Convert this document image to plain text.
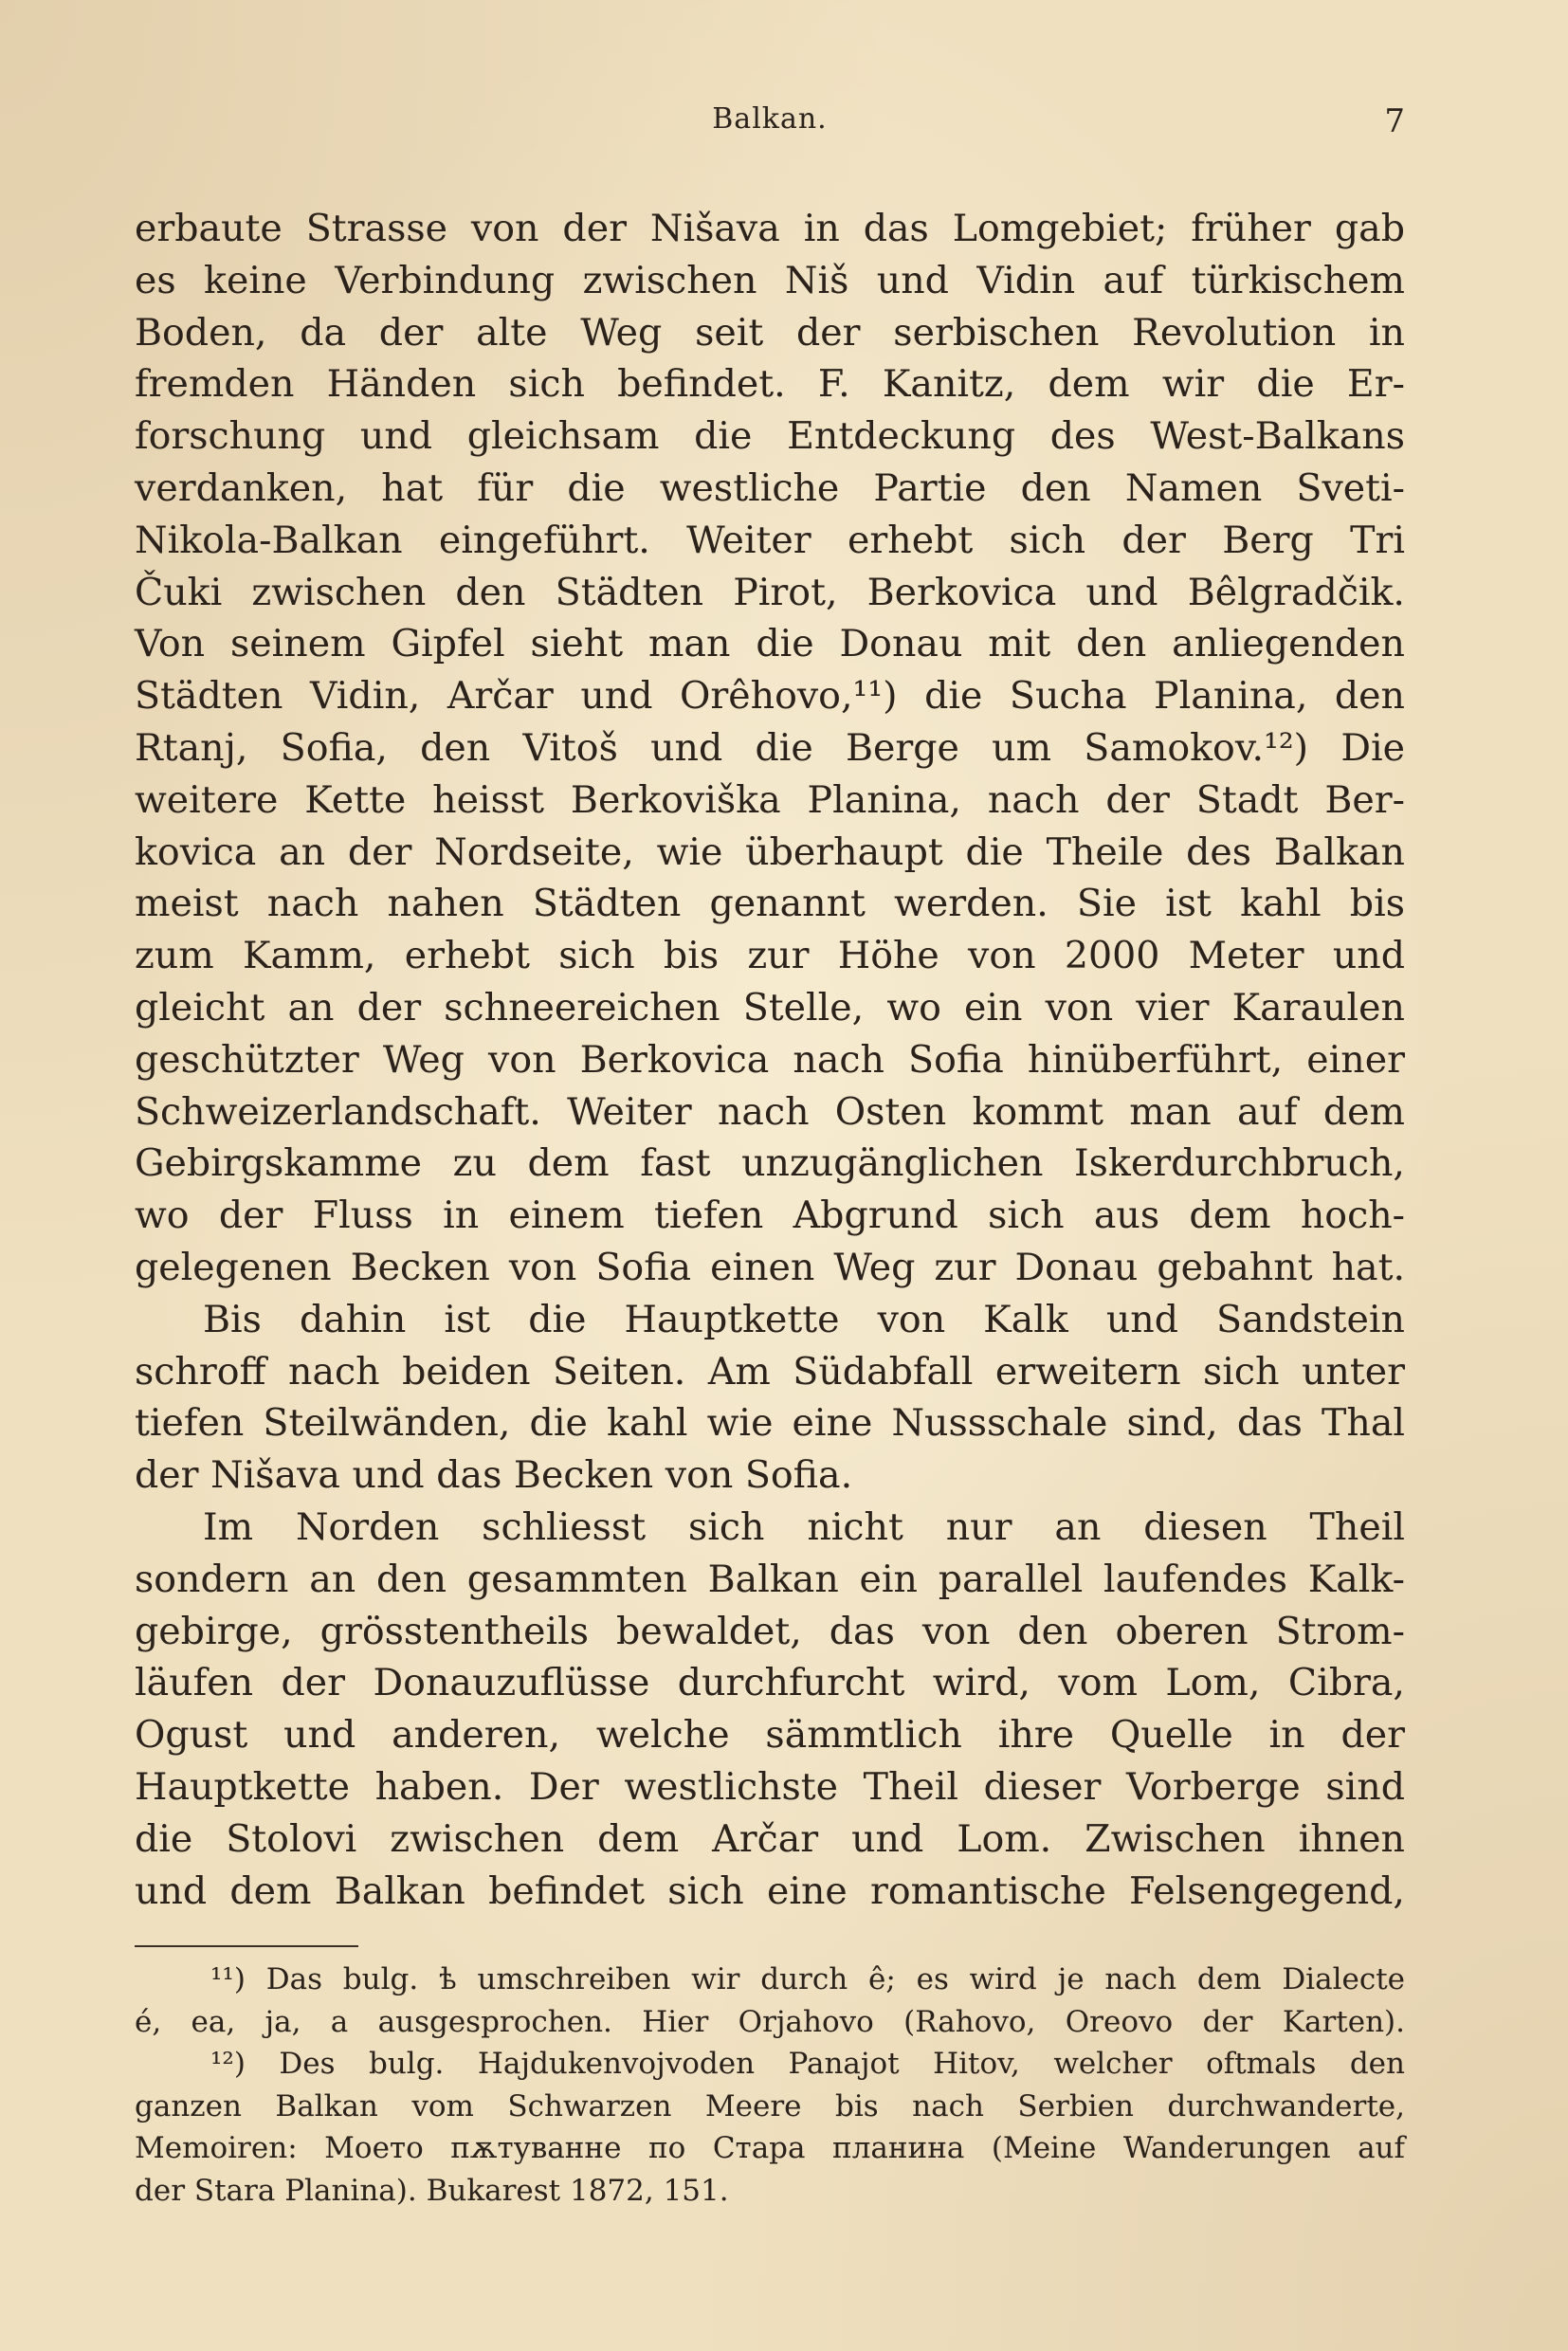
Balkan.	7
erbaute Strasse von der Nišava in das Lomgebiet; früher gab
es keine Verbindung zwischen Niš und Vidin auf türkischem
Boden, da der alte Weg seit der serbischen Revolution in
fremden Händen sich befindet. F. Kanitz, dem wir die Er-
forschung und gleichsam die Entdeckung des West-Balkans
verdanken, hat für die westliche Partie den Namen Sveti-
Nikola-Balkan eingeführt. Weiter erhebt sich der Berg Tri
Čuki zwischen den Städten Pirot, Berkovica und Bêlgradčik.
Von seinem Gipfel sieht man die Donau mit den anliegenden
Städten Vidin, Arčar und Orêhovo,¹¹) die Sucha Planina, den
Rtanj, Sofia, den Vitoš und die Berge um Samokov.¹²) Die
weitere Kette heisst Berkoviška Planina, nach der Stadt Ber-
kovica an der Nordseite, wie überhaupt die Theile des Balkan
meist nach nahen Städten genannt werden. Sie ist kahl bis
zum Kamm, erhebt sich bis zur Höhe von 2000 Meter und
gleicht an der schneereichen Stelle, wo ein von vier Karaulen
geschützter Weg von Berkovica nach Sofia hinüberführt, einer
Schweizerlandschaft. Weiter nach Osten kommt man auf dem
Gebirgskamme zu dem fast unzugänglichen Iskerdurchbruch,
wo der Fluss in einem tiefen Abgrund sich aus dem hoch-
gelegenen Becken von Sofia einen Weg zur Donau gebahnt hat.
Bis dahin ist die Hauptkette von Kalk und Sandstein
schroff nach beiden Seiten. Am Südabfall erweitern sich unter
tiefen Steilwänden, die kahl wie eine Nussschale sind, das Thal
der Nišava und das Becken von Sofia.
Im Norden schliesst sich nicht nur an diesen Theil
sondern an den gesammten Balkan ein parallel laufendes Kalk-
gebirge, grösstentheils bewaldet, das von den oberen Strom-
läufen der Donauzuflüsse durchfurcht wird, vom Lom, Cibra,
Ogust und anderen, welche sämmtlich ihre Quelle in der
Hauptkette haben. Der westlichste Theil dieser Vorberge sind
die Stolovi zwischen dem Arčar und Lom. Zwischen ihnen
und dem Balkan befindet sich eine romantische Felsengegend,
¹¹) Das bulg. ѣ umschreiben wir durch ê; es wird je nach dem Dialecte
é, ea, ja, a ausgesprochen. Hier Orjahovo (Rahovo, Oreovo der Karten).
¹²) Des bulg. Hajdukenvojvoden Panajot Hitov, welcher oftmals den
ganzen Balkan vom Schwarzen Meere bis nach Serbien durchwanderte,
Memoiren: Моето пѫтуванне по Стара планина (Meine Wanderungen auf
der Stara Planina). Bukarest 1872, 151.
